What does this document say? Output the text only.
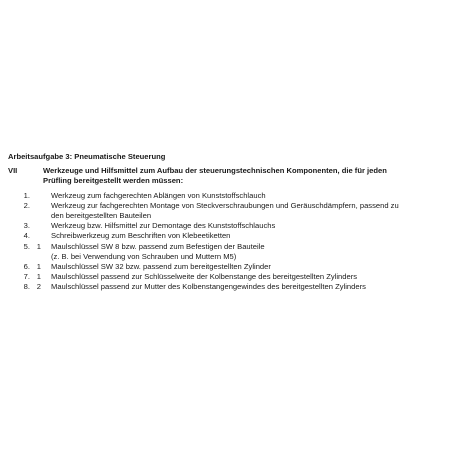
Arbeitsaufgabe 3: Pneumatische Steuerung
VII	Werkzeuge und Hilfsmittel zum Aufbau der steuerungstechnischen Komponenten, die für jeden
Prüfling bereitgestellt werden müssen:
1.	Werkzeug zum fachgerechten Ablängen von Kunststoffschlauch
2.	Werkzeug zur fachgerechten Montage von Steckverschraubungen und Geräuschdämpfern, passend zu
den bereitgestellten Bauteilen
3.	Werkzeug bzw. Hilfsmittel zur Demontage des Kunststoffschlauchs
4.	Schreibwerkzeug zum Beschriften von Klebeetiketten
5. 1 Maulschlüssel SW 8 bzw. passend zum Befestigen der Bauteile
(z. B. bei Verwendung von Schrauben und Muttern M5)
6. 1 Maulschlüssel SW 32 bzw. passend zum bereitgestellten Zylinder
7. 1 Maulschlüssel passend zur Schlüsselweite der Kolbenstange des bereitgestellten Zylinders
8. 2 Maulschlüssel passend zur Mutter des Kolbenstangengewindes des bereitgestellten Zylinders
